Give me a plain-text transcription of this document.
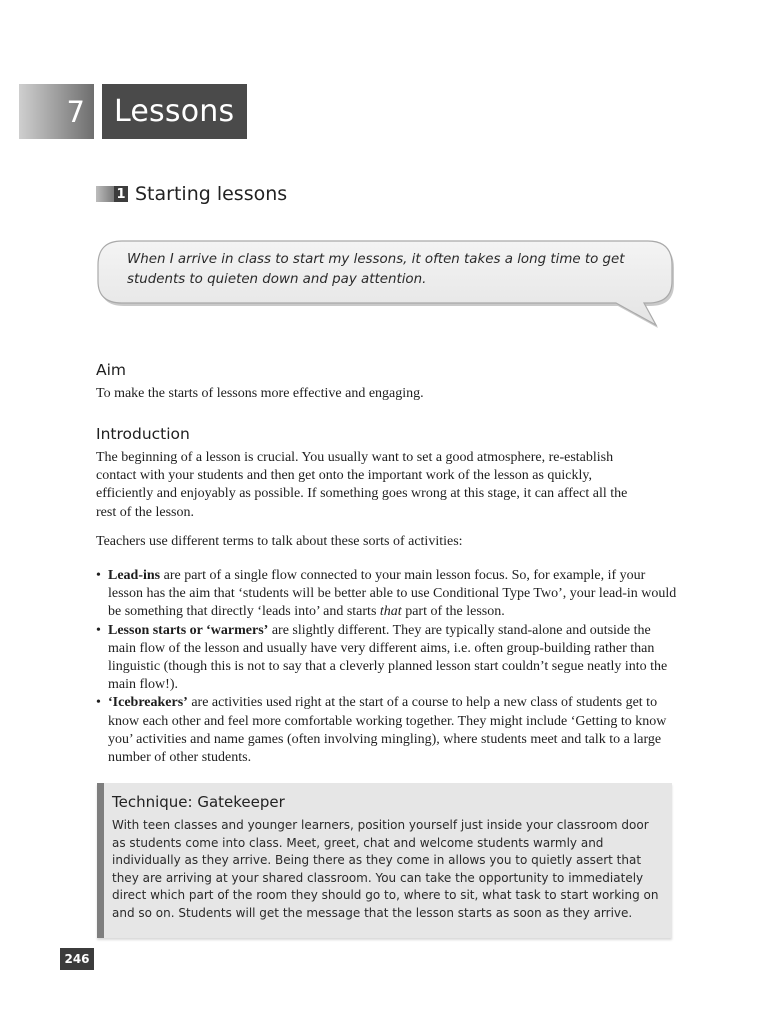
7 Lessons
1 Starting lessons
When I arrive in class to start my lessons, it often takes a long time to get students to quieten down and pay attention.
Aim

To make the starts of lessons more effective and engaging.

Introduction

The beginning of a lesson is crucial. You usually want to set a good atmosphere, re-establish contact with your students and then get onto the important work of the lesson as quickly, efficiently and enjoyably as possible. If something goes wrong at this stage, it can affect all the rest of the lesson.

Teachers use different terms to talk about these sorts of activities:

• Lead-ins are part of a single flow connected to your main lesson focus. So, for example, if your lesson has the aim that ‘students will be better able to use Conditional Type Two’, your lead-in would be something that directly ‘leads into’ and starts that part of the lesson.
• Lesson starts or ‘warmers’ are slightly different. They are typically stand-alone and outside the main flow of the lesson and usually have very different aims, i.e. often group-building rather than linguistic (though this is not to say that a cleverly planned lesson start couldn’t segue neatly into the main flow!).
• ‘Icebreakers’ are activities used right at the start of a course to help a new class of students get to know each other and feel more comfortable working together. They might include ‘Getting to know you’ activities and name games (often involving mingling), where students meet and talk to a large number of other students.

Technique: Gatekeeper

With teen classes and younger learners, position yourself just inside your classroom door as students come into class. Meet, greet, chat and welcome students warmly and individually as they arrive. Being there as they come in allows you to quietly assert that they are arriving at your shared classroom. You can take the opportunity to immediately direct which part of the room they should go to, where to sit, what task to start working on and so on. Students will get the message that the lesson starts as soon as they arrive.

246
